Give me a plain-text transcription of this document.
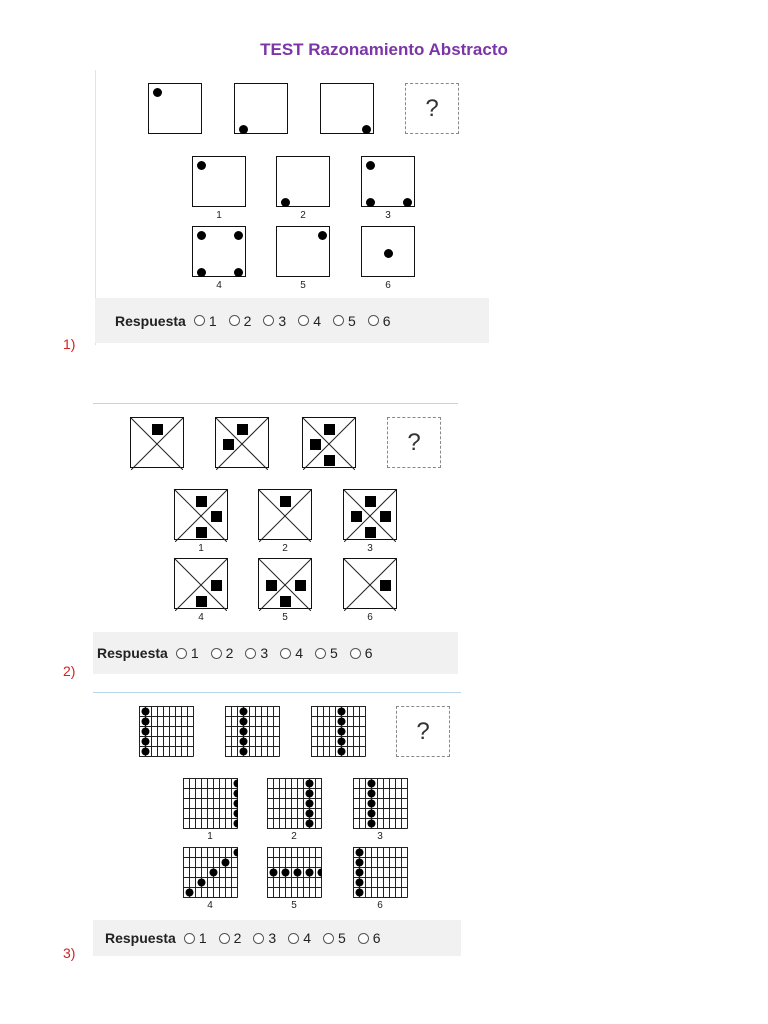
TEST Razonamiento Abstracto
1)
?
1	2	3
4	5	6
Respuesta 1 2 3 4 5 6
2)
?
1	2	3
4	5	6
Respuesta 1 2 3 4 5 6
3)
?
1	2	3
4	5	6
Respuesta 1 2 3 4 5 6
